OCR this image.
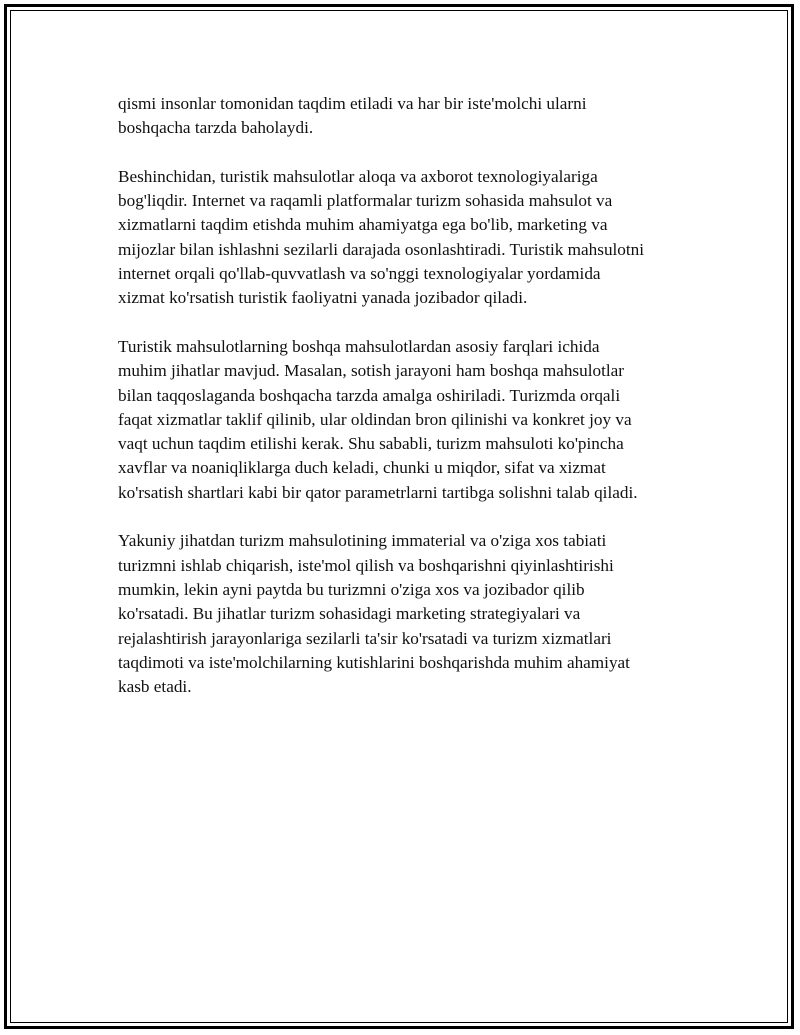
qismi insonlar tomonidan taqdim etiladi va har bir iste'molchi ularni
boshqacha tarzda baholaydi.

Beshinchidan, turistik mahsulotlar aloqa va axborot texnologiyalariga
bog'liqdir. Internet va raqamli platformalar turizm sohasida mahsulot va
xizmatlarni taqdim etishda muhim ahamiyatga ega bo'lib, marketing va
mijozlar bilan ishlashni sezilarli darajada osonlashtiradi. Turistik mahsulotni
internet orqali qo'llab-quvvatlash va so'nggi texnologiyalar yordamida
xizmat ko'rsatish turistik faoliyatni yanada jozibador qiladi.

Turistik mahsulotlarning boshqa mahsulotlardan asosiy farqlari ichida
muhim jihatlar mavjud. Masalan, sotish jarayoni ham boshqa mahsulotlar
bilan taqqoslaganda boshqacha tarzda amalga oshiriladi. Turizmda orqali
faqat xizmatlar taklif qilinib, ular oldindan bron qilinishi va konkret joy va
vaqt uchun taqdim etilishi kerak. Shu sababli, turizm mahsuloti ko'pincha
xavflar va noaniqliklarga duch keladi, chunki u miqdor, sifat va xizmat
ko'rsatish shartlari kabi bir qator parametrlarni tartibga solishni talab qiladi.

Yakuniy jihatdan turizm mahsulotining immaterial va o'ziga xos tabiati
turizmni ishlab chiqarish, iste'mol qilish va boshqarishni qiyinlashtirishi
mumkin, lekin ayni paytda bu turizmni o'ziga xos va jozibador qilib
ko'rsatadi. Bu jihatlar turizm sohasidagi marketing strategiyalari va
rejalashtirish jarayonlariga sezilarli ta'sir ko'rsatadi va turizm xizmatlari
taqdimoti va iste'molchilarning kutishlarini boshqarishda muhim ahamiyat
kasb etadi.
